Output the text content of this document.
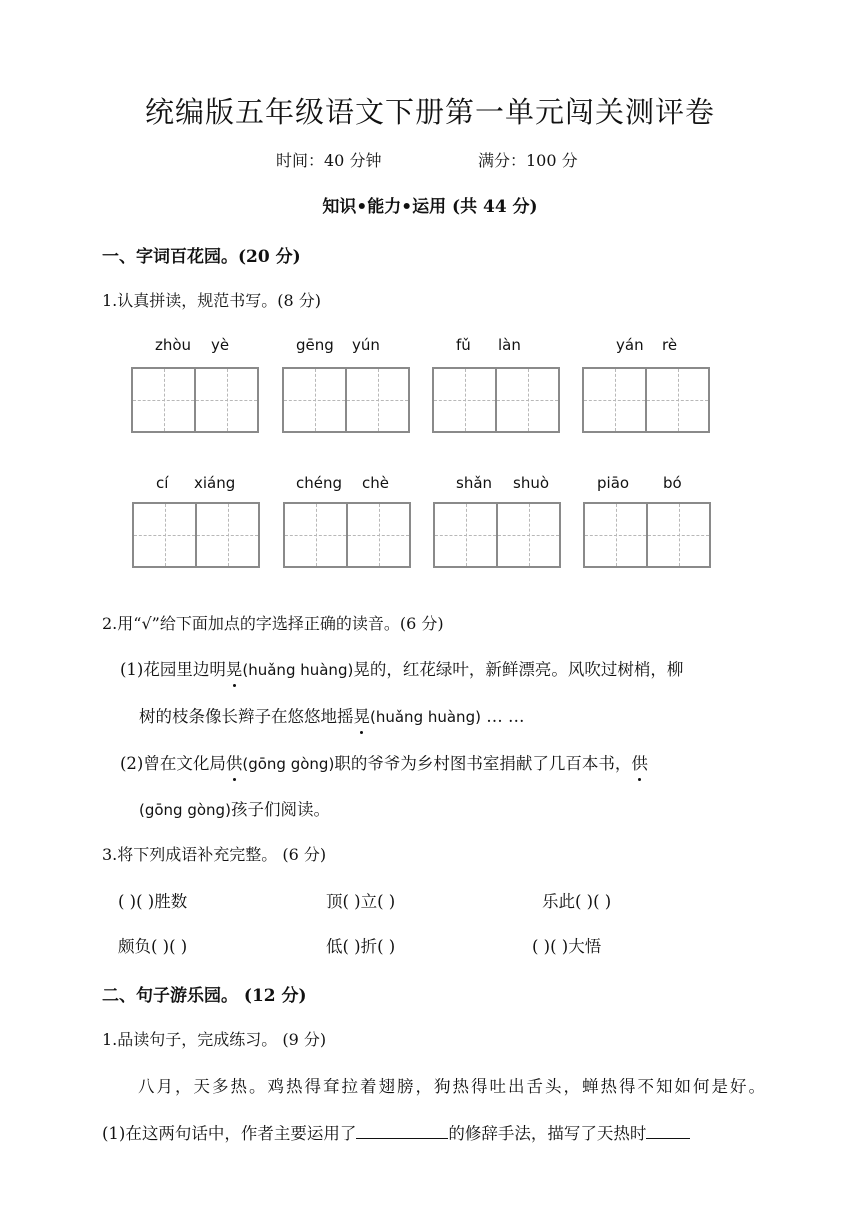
统编版五年级语文下册第一单元闯关测评卷
时间：40 分钟	满分：100 分
知识•能力•运用 (共 44 分)
一、字词百花园。(20 分)
1.认真拼读，规范书写。(8 分)
zhòu yè	gēng yún	fǔ làn	yán rè
cí xiáng	chéng chè	shǎn shuò	piāo bó
2.用“√”给下面加点的字选择正确的读音。(6 分)
(1)花园里边明晃(huǎng huàng)晃的，红花绿叶，新鲜漂亮。风吹过树梢，柳
树的枝条像长辫子在悠悠地摇晃(huǎng huàng) … …
(2)曾在文化局供(gōng gòng)职的爷爷为乡村图书室捐献了几百本书，供
(gōng gòng)孩子们阅读。
3.将下列成语补充完整。 (6 分)
( )( )胜数	顶( )立( )	乐此( )( )
颇负( )( )	低( )折( )	( )( )大悟
二、句子游乐园。 (12 分)
1.品读句子，完成练习。 (9 分)
八月，天多热。鸡热得耷拉着翅膀，狗热得吐出舌头，蝉热得不知如何是好。
(1)在这两句话中，作者主要运用了	的修辞手法，描写了天热时
